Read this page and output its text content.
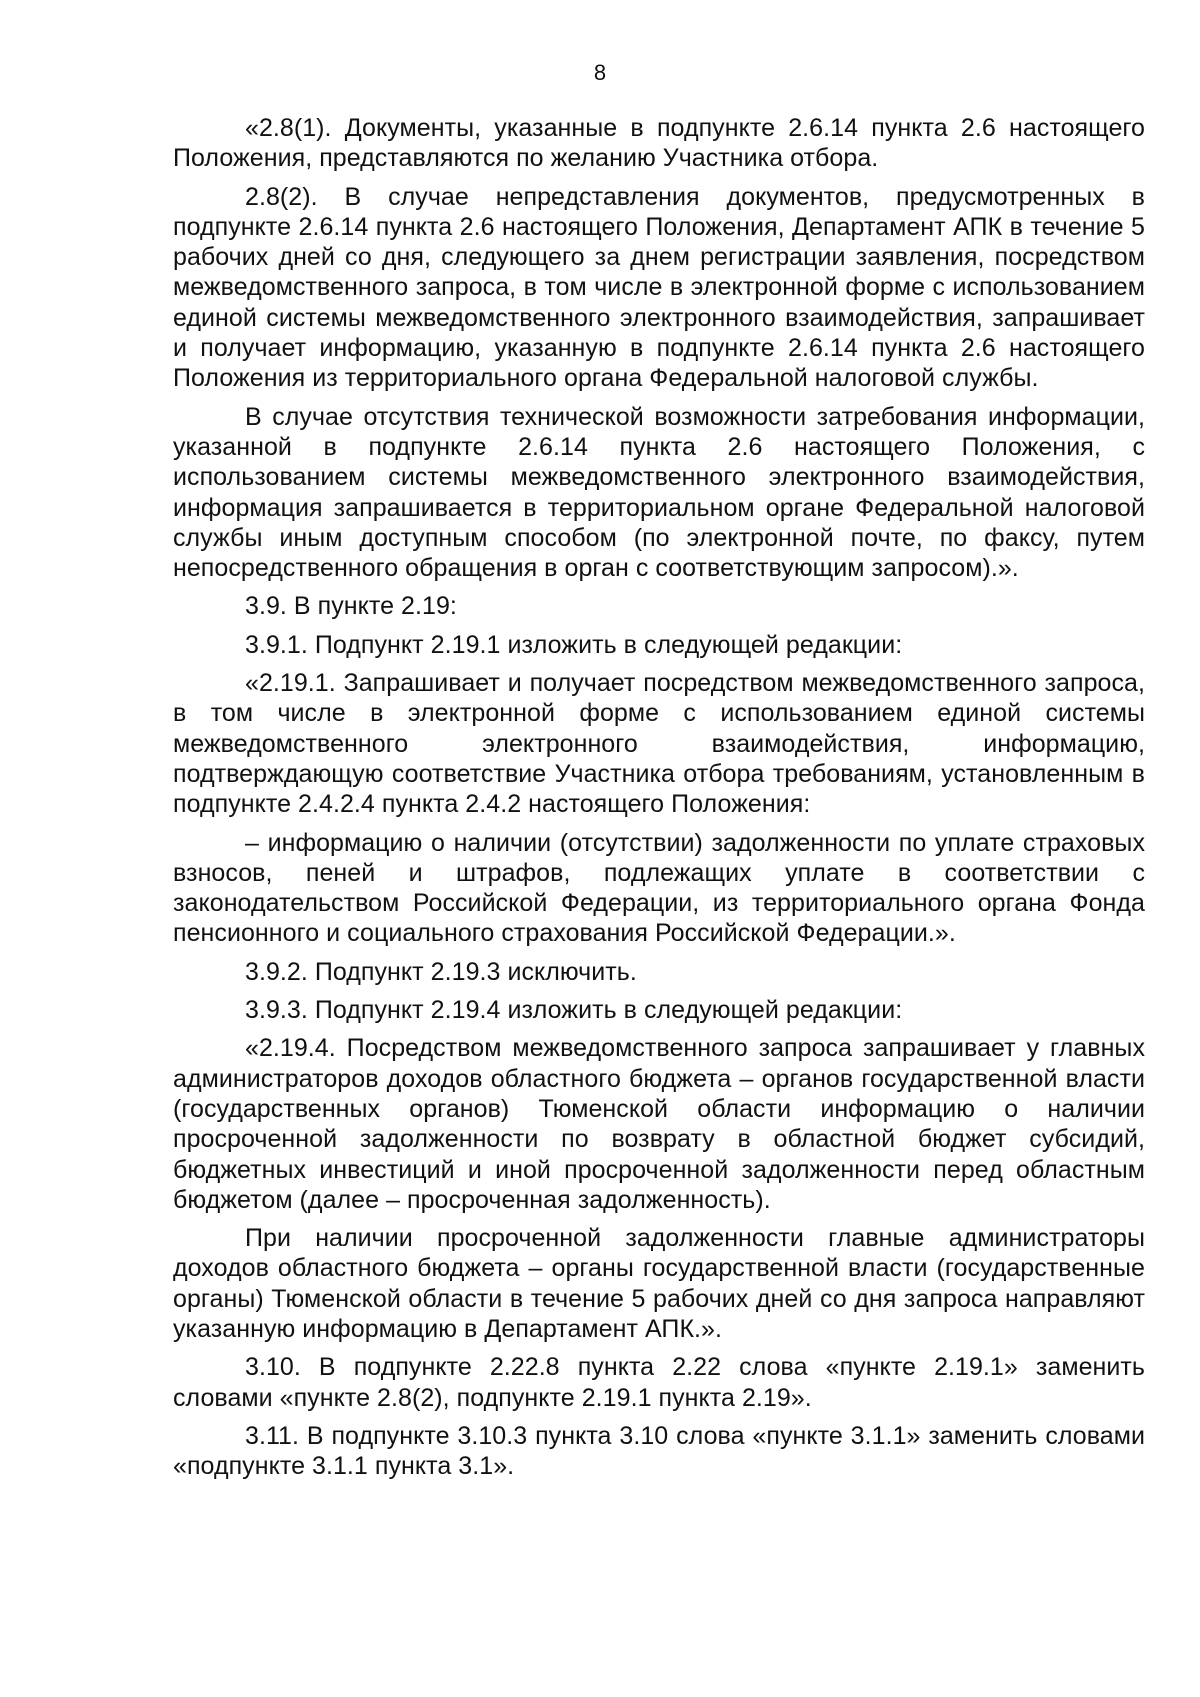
8

«2.8(1). Документы, указанные в подпункте 2.6.14 пункта 2.6 настоящего Положения, представляются по желанию Участника отбора.

2.8(2). В случае непредставления документов, предусмотренных в подпункте 2.6.14 пункта 2.6 настоящего Положения, Департамент АПК в течение 5 рабочих дней со дня, следующего за днем регистрации заявления, посредством межведомственного запроса, в том числе в электронной форме с использованием единой системы межведомственного электронного взаимодействия, запрашивает и получает информацию, указанную в подпункте 2.6.14 пункта 2.6 настоящего Положения из территориального органа Федеральной налоговой службы.

В случае отсутствия технической возможности затребования информации, указанной в подпункте 2.6.14 пункта 2.6 настоящего Положения, с использованием системы межведомственного электронного взаимодействия, информация запрашивается в территориальном органе Федеральной налоговой службы иным доступным способом (по электронной почте, по факсу, путем непосредственного обращения в орган с соответствующим запросом).».

3.9. В пункте 2.19:

3.9.1. Подпункт 2.19.1 изложить в следующей редакции:

«2.19.1. Запрашивает и получает посредством межведомственного запроса, в том числе в электронной форме с использованием единой системы межведомственного электронного взаимодействия, информацию, подтверждающую соответствие Участника отбора требованиям, установленным в подпункте 2.4.2.4 пункта 2.4.2 настоящего Положения:

– информацию о наличии (отсутствии) задолженности по уплате страховых взносов, пеней и штрафов, подлежащих уплате в соответствии с законодательством Российской Федерации, из территориального органа Фонда пенсионного и социального страхования Российской Федерации.».

3.9.2. Подпункт 2.19.3 исключить.

3.9.3. Подпункт 2.19.4 изложить в следующей редакции:

«2.19.4. Посредством межведомственного запроса запрашивает у главных администраторов доходов областного бюджета – органов государственной власти (государственных органов) Тюменской области информацию о наличии просроченной задолженности по возврату в областной бюджет субсидий, бюджетных инвестиций и иной просроченной задолженности перед областным бюджетом (далее – просроченная задолженность).

При наличии просроченной задолженности главные администраторы доходов областного бюджета – органы государственной власти (государственные органы) Тюменской области в течение 5 рабочих дней со дня запроса направляют указанную информацию в Департамент АПК.».

3.10. В подпункте 2.22.8 пункта 2.22 слова «пункте 2.19.1» заменить словами «пункте 2.8(2), подпункте 2.19.1 пункта 2.19».

3.11. В подпункте 3.10.3 пункта 3.10 слова «пункте 3.1.1» заменить словами «подпункте 3.1.1 пункта 3.1».
